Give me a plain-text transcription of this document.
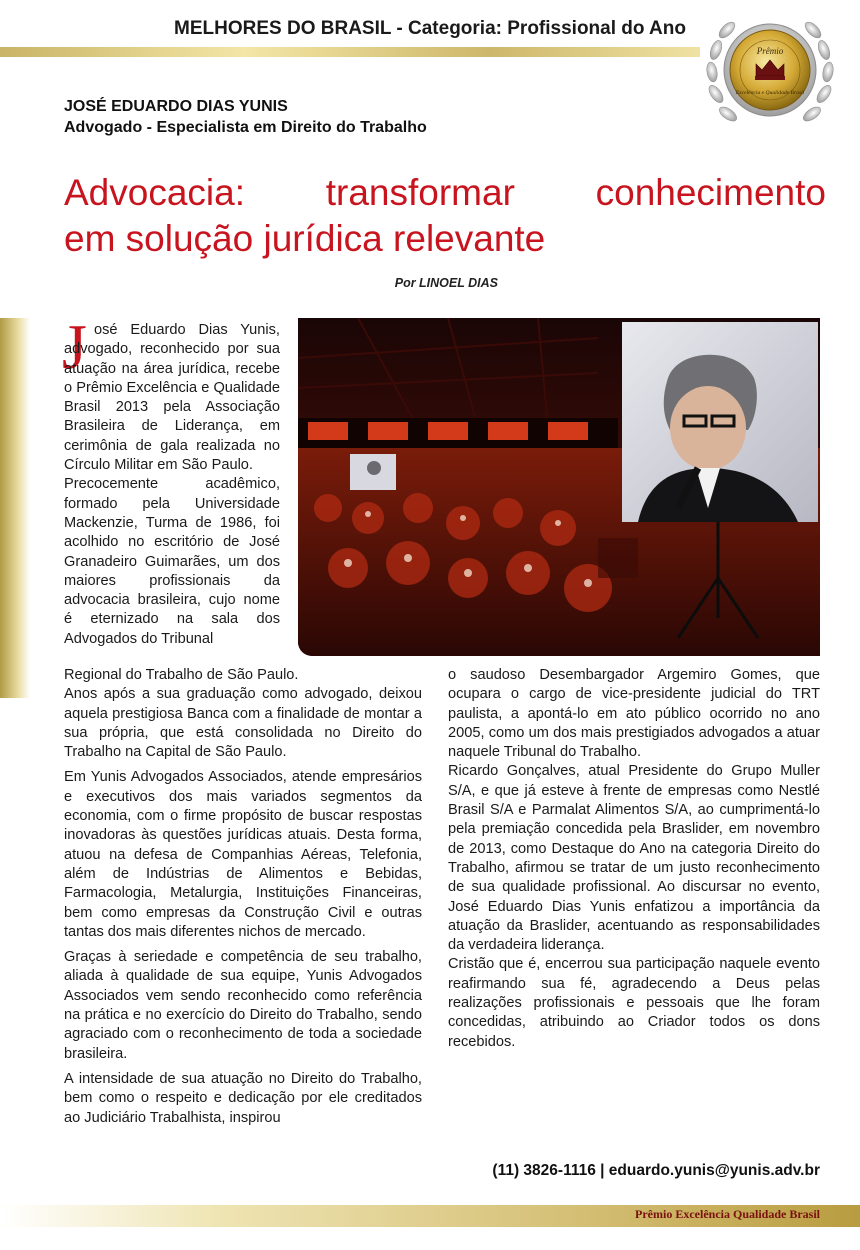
MELHORES DO BRASIL - Categoria: Profissional do Ano
Prêmio
Excelência e Qualidade Brasil
JOSÉ EDUARDO DIAS YUNIS
Advogado - Especialista em Direito do Trabalho
Advocacia: transformar conhecimento
em solução jurídica relevante
Por LINOEL DIAS
J osé Eduardo Dias Yunis, advogado, reconhecido por sua atuação na área jurídica, recebe o Prêmio Excelência e Qualidade Brasil 2013 pela Associação Brasileira de Liderança, em cerimônia de gala realizada no Círculo Militar em São Paulo.

Precocemente acadêmico, formado pela Universidade Mackenzie, Turma de 1986, foi acolhido no escritório de José Granadeiro Guimarães, um dos maiores profissionais da advocacia brasileira, cujo nome é eternizado na sala dos Advogados do Tribunal

Regional do Trabalho de São Paulo.

Anos após a sua graduação como advogado, deixou aquela prestigiosa Banca com a finalidade de montar a sua própria, que está consolidada no Direito do Trabalho na Capital de São Paulo.

Em Yunis Advogados Associados, atende empresários e executivos dos mais variados segmentos da economia, com o firme propósito de buscar respostas inovadoras às questões jurídicas atuais. Desta forma, atuou na defesa de Companhias Aéreas, Telefonia, além de Indústrias de Alimentos e Bebidas, Farmacologia, Metalurgia, Instituições Financeiras, bem como empresas da Construção Civil e outras tantas dos mais diferentes nichos de mercado.

Graças à seriedade e competência de seu trabalho, aliada à qualidade de sua equipe, Yunis Advogados Associados vem sendo reconhecido como referência na prática e no exercício do Direito do Trabalho, sendo agraciado com o reconhecimento de toda a sociedade brasileira.

A intensidade de sua atuação no Direito do Trabalho, bem como o respeito e dedicação por ele creditados ao Judiciário Trabalhista, inspirou

o saudoso Desembargador Argemiro Gomes, que ocupara o cargo de vice-presidente judicial do TRT paulista, a apontá-lo em ato público ocorrido no ano 2005, como um dos mais prestigiados advogados a atuar naquele Tribunal do Trabalho.

Ricardo Gonçalves, atual Presidente do Grupo Muller S/A, e que já esteve à frente de empresas como Nestlé Brasil S/A e Parmalat Alimentos S/A, ao cumprimentá-lo pela premiação concedida pela Braslider, em novembro de 2013, como Destaque do Ano na categoria Direito do Trabalho, afirmou se tratar de um justo reconhecimento de sua qualidade profissional. Ao discursar no evento, José Eduardo Dias Yunis enfatizou a importância da atuação da Braslider, acentuando as responsabilidades da verdadeira liderança.

Cristão que é, encerrou sua participação naquele evento reafirmando sua fé, agradecendo a Deus pelas realizações profissionais e pessoais que lhe foram concedidas, atribuindo ao Criador todos os dons recebidos.

(11) 3826-1116 | eduardo.yunis@yunis.adv.br
Prêmio Excelência Qualidade Brasil
